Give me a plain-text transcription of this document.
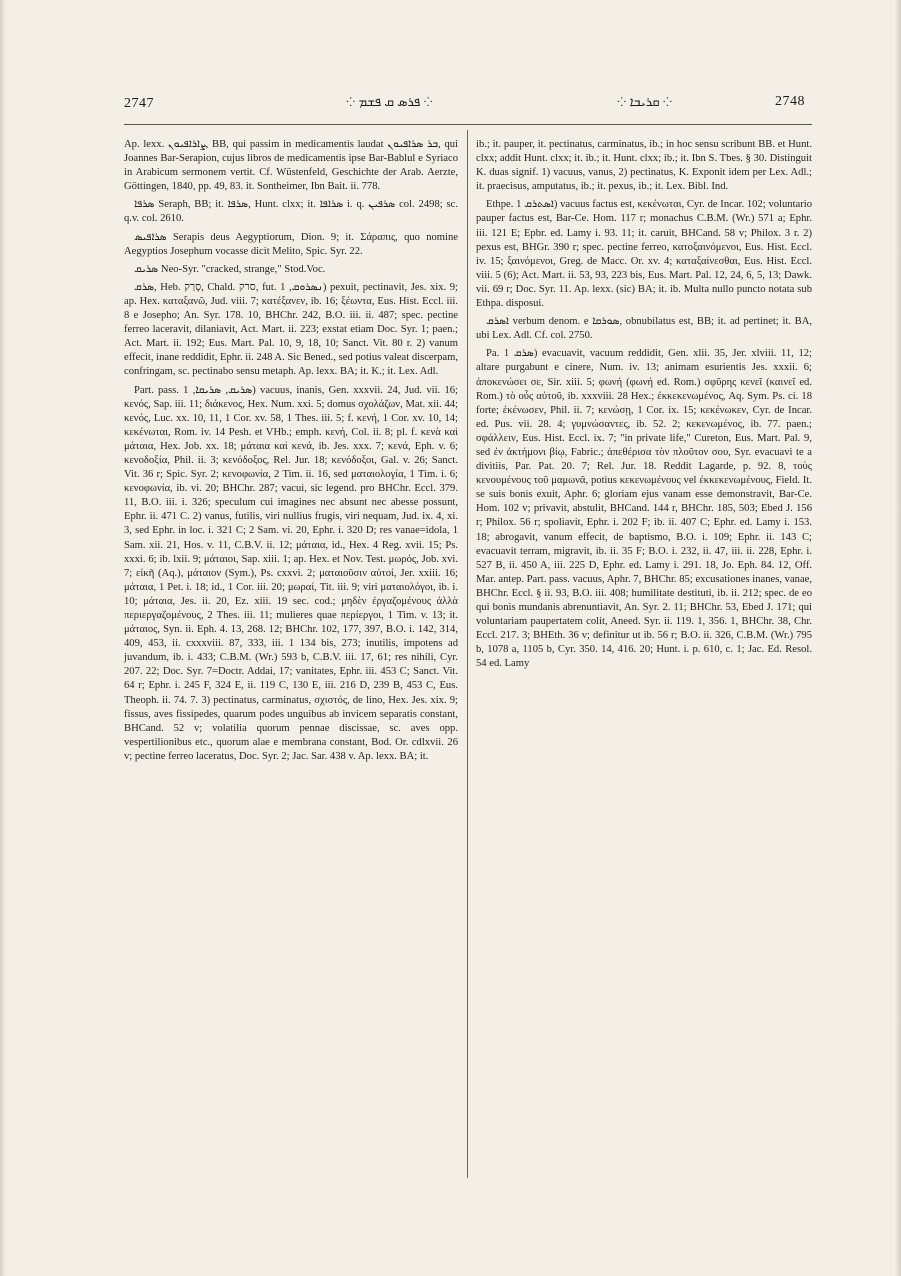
2747	⁘ ܦܪܣ ܩ ܦܫܡ ⁘	⁘ ܩܪܝܒܐ ⁘	2748

Ap. lexx. ܨܐܪܐܦܝܘܢ, BB, qui passim in medicamentis laudat ܒܪ ܣܪܐܦܝܘܢ, qui Joannes Bar-Serapion, cujus libros de medicamentis ipse Bar-Bablul e Syriaco in Arabicum sermonem vertit. Cf. Wüstenfeld, Geschichte der Arab. Aerzte, Göttingen, 1840, pp. 49, 83. it. Sontheimer, Ibn Bait. ii. 778.

ܣܪܦܐ Seraph, BB; it. ܣܪܦܐ, Hunt. clxx; it. ܣܪܐܦܐ i. q. ܣܪܦܝܢ col. 2498; sc. q.v. col. 2610.

ܣܪܐܦܝܣ Serapis deus Aegyptiorum, Dion. 9; it. Σάραπις, quo nomine Aegyptios Josephum vocasse dicit Melito, Spic. Syr. 22.

ܣܪܝܩ Neo-Syr. "cracked, strange," Stod.Voc.

ܣܪܩ, Heb. סָרַק, Chald. סרק, fut. ܢܣܪܘܩ, 1) pexuit, pectinavit, Jes. xix. 9; ap. Hex. καταξανῶ, Jud. viii. 7; κατέξανεν, ib. 16; ξέωντα, Eus. Hist. Eccl. iii. 8 e Josepho; An. Syr. 178. 10, BHChr. 242, B.O. iii. ii. 487; spec. pectine ferreo laceravit, dilaniavit, Act. Mart. ii. 223; exstat etiam Doc. Syr. 1; paen.; Act. Mart. ii. 192; Eus. Mart. Pal. 10, 9, 18, 10; Sanct. Vit. 80 r. 2) vanum effecit, inane reddidit, Ephr. ii. 248 A. Sic Bened., sed potius valeat discerpam, confringam, sc. pectinabo sensu metaph. Ap. lexx. BA; it. K.; it. Lex. Adl.

Part. pass. ܣܪܝܩ, ܣܪܝܩܐ, 1) vacuus, inanis, Gen. xxxvii. 24, Jud. vii. 16; κενός, Sap. iii. 11; διάκενος, Hex. Num. xxi. 5; domus σχολάζων, Mat. xii. 44; κενός, Luc. xx. 10, 11, 1 Cor. xv. 58, 1 Thes. iii. 5; f. κενή, 1 Cor. xv. 10, 14; κεκένωται, Rom. iv. 14 Pesh. et VHb.; emph. κενή, Col. ii. 8; pl. f. κενὰ καὶ μάταια, Hex. Job. xx. 18; μάταια καὶ κενά, ib. Jes. xxx. 7; κενά, Eph. v. 6; κενοδοξία, Phil. ii. 3; κενόδοξος, Rel. Jur. 18; κενόδοξοι, Gal. v. 26; Sanct. Vit. 36 r; Spic. Syr. 2; κενοφωνία, 2 Tim. ii. 16, sed ματαιολογία, 1 Tim. i. 6; κενοφωνία, ib. vi. 20; BHChr. 287; vacui, sic legend. pro BHChr. Eccl. 379. 11, B.O. iii. i. 326; speculum cui imagines nec absunt nec abesse possunt, Ephr. ii. 471 C. 2) vanus, futilis, viri nullius frugis, viri nequam, Jud. ix. 4, xi. 3, sed Ephr. in loc. i. 321 C; 2 Sam. vi. 20, Ephr. i. 320 D; res vanae=idola, 1 Sam. xii. 21, Hos. v. 11, C.B.V. ii. 12; μάταια, id., Hex. 4 Reg. xvii. 15; Ps. xxxi. 6; ib. lxii. 9; μάταιοι, Sap. xiii. 1; ap. Hex. et Nov. Test. μωρός, Job. xvi. 7; εἰκῆ (Aq.), μάταιον (Sym.), Ps. cxxvi. 2; ματαιοῦσιν αὐτοί, Jer. xxiii. 16; μάταια, 1 Pet. i. 18; id., 1 Cor. iii. 20; μωραί, Tit. iii. 9; viri ματαιολόγοι, ib. i. 10; μάταια, Jes. ii. 20, Ez. xiii. 19 sec. cod.; μηδὲν ἐργαζομένους ἀλλὰ περιεργαζομένους, 2 Thes. iii. 11; mulieres quae περίεργοι, 1 Tim. v. 13; it. μάταιος, Syn. ii. Eph. 4. 13, 268. 12; BHChr. 102, 177, 397, B.O. i. 142, 314, 409, 453, ii. cxxxviii. 87, 333, iii. 1 134 bis, 273; inutilis, impotens ad juvandum, ib. i. 433; C.B.M. (Wr.) 593 b, C.B.V. iii. 17, 61; res nihili, Cyr. 207. 22; Doc. Syr. 7=Doctr. Addai, 17; vanitates, Ephr. iii. 453 C; Sanct. Vit. 64 r; Ephr. i. 245 F, 324 E, ii. 119 C, 130 E, iii. 216 D, 239 B, 453 C, Eus. Theoph. ii. 74. 7. 3) pectinatus, carminatus, σχιστός, de lino, Hex. Jes. xix. 9; fissus, aves fissipedes, quarum podes unguibus ab invicem separatis constant, BHCand. 52 v; volatilia quorum pennae discissae, sc. aves opp. vespertilionibus etc., quorum alae e membrana constant, Bod. Or. cdlxvii. 26 v; pectine ferreo laceratus, Doc. Syr. 2; Jac. Sar. 438 v. Ap. lexx. BA; it.

ib.; it. pauper, it. pectinatus, carminatus, ib.; in hoc sensu scribunt BB. et Hunt. clxx; addit Hunt. clxx; it. ib.; it. Hunt. clxx; ib.; it. Ibn S. Tbes. § 30. Distinguit K. duas signif. 1) vacuus, vanus, 2) pectinatus, K. Exponit idem per Lex. Adl.; it. praecisus, amputatus, ib.; it. pexus, ib.; it. Lex. Bibl. Ind.

Ethpe. ܐܣܬܪܩ 1) vacuus factus est, κεκένωται, Cyr. de Incar. 102; voluntario pauper factus est, Bar-Ce. Hom. 117 r; monachus C.B.M. (Wr.) 571 a; Ephr. iii. 121 E; Epbr. ed. Lamy i. 93. 11; it. caruit, BHCand. 58 v; Philox. 3 r. 2) pexus est, BHGr. 390 r; spec. pectine ferreo, κατοξαινόμενοι, Eus. Hist. Eccl. iv. 15; ξαινόμενοι, Greg. de Macc. Or. xv. 4; καταξαίνεσθαι, Eus. Hist. Eccl. viii. 5 (6); Act. Mart. ii. 53, 93, 223 bis, Eus. Mart. Pal. 12, 24, 6, 5, 13; Dawk. vii. 69 r; Doc. Syr. 11. Ap. lexx. (sic) BA; it. ib. Multa nullo puncto notata sub Ethpa. disposui.

ܐܣܪܩ verbum denom. e ܣܘܪܩܐ, obnubilatus est, BB; it. ad pertinet; it. BA, ubi Lex. Adl. Cf. col. 2750.

Pa. ܣܪܩ 1) evacuavit, vacuum reddidit, Gen. xlii. 35, Jer. xlviii. 11, 12; altare purgabunt e cinere, Num. iv. 13; animam esurientis Jes. xxxii. 6; ἀποκενώσει σε, Sir. xiii. 5; φωνή (φωνή ed. Rom.) σφῦρης κενεῖ (καινεῖ ed. Rom.) τὸ οὖς αὐτοῦ, ib. xxxviii. 28 Hex.; ἐκκεκενωμένος, Aq. Sym. Ps. ci. 18 forte; ἐκένωσεν, Phil. ii. 7; κενώσῃ, 1 Cor. ix. 15; κεκένωκεν, Cyr. de Incar. ed. Pus. vii. 28. 4; γυμνώσαντες, ib. 52. 2; κεκενωμένος, ib. 77. paen.; σφάλλειν, Eus. Hist. Eccl. ix. 7; "in private life," Cureton, Eus. Mart. Pal. 9, sed ἐν ἀκτήμονι βίῳ, Fabric.; ἀπεθέρισα τὸν πλοῦτον σου, Syr. evacuavi te a divitiis, Par. Pat. 20. 7; Rel. Jur. 18. Reddit Lagarde, p. 92. 8, τοὺς κενουμένους τοῦ μαμωνᾶ, potius κεκενωμένους vel ἐκκεκενωμένους, Field. It. se suis bonis exuit, Aphr. 6; gloriam ejus vanam esse demonstravit, Bar-Ce. Hom. 102 v; privavit, abstulit, BHCand. 144 r, BHChr. 185, 503; Ebed J. 156 r; Philox. 56 r; spoliavit, Ephr. i. 202 F; ib. ii. 407 C; Ephr. ed. Lamy i. 153. 18; abrogavit, vanum effecit, de baptismo, B.O. i. 109; Ephr. ii. 143 C; evacuavit terram, migravit, ib. ii. 35 F; B.O. i. 232, ii. 47, iii. ii. 228, Ephr. i. 527 B, ii. 450 A, iii. 225 D, Ephr. ed. Lamy i. 291. 18, Jo. Eph. 84. 12, Off. Mar. antep. Part. pass. vacuus, Aphr. 7, BHChr. 85; excusationes inanes, vanae, BHChr. Eccl. § ii. 93, B.O. iii. 408; humilitate destituti, ib. ii. 212; spec. de eo qui bonis mundanis abrenuntiavit, An. Syr. 2. 11; BHChr. 53, Ebed J. 171; qui voluntariam paupertatem colit, Aneed. Syr. ii. 119. 1, 356. 1, BHChr. 38, Chr. Eccl. 217. 3; BHEth. 36 v; definitur ut ib. 56 r; B.O. ii. 326, C.B.M. (Wr.) 795 b, 1078 a, 1105 b, Cyr. 350. 14, 416. 20; Hunt. i. p. 610, c. 1; Jac. Ed. Resol. 54 ed. Lamy
